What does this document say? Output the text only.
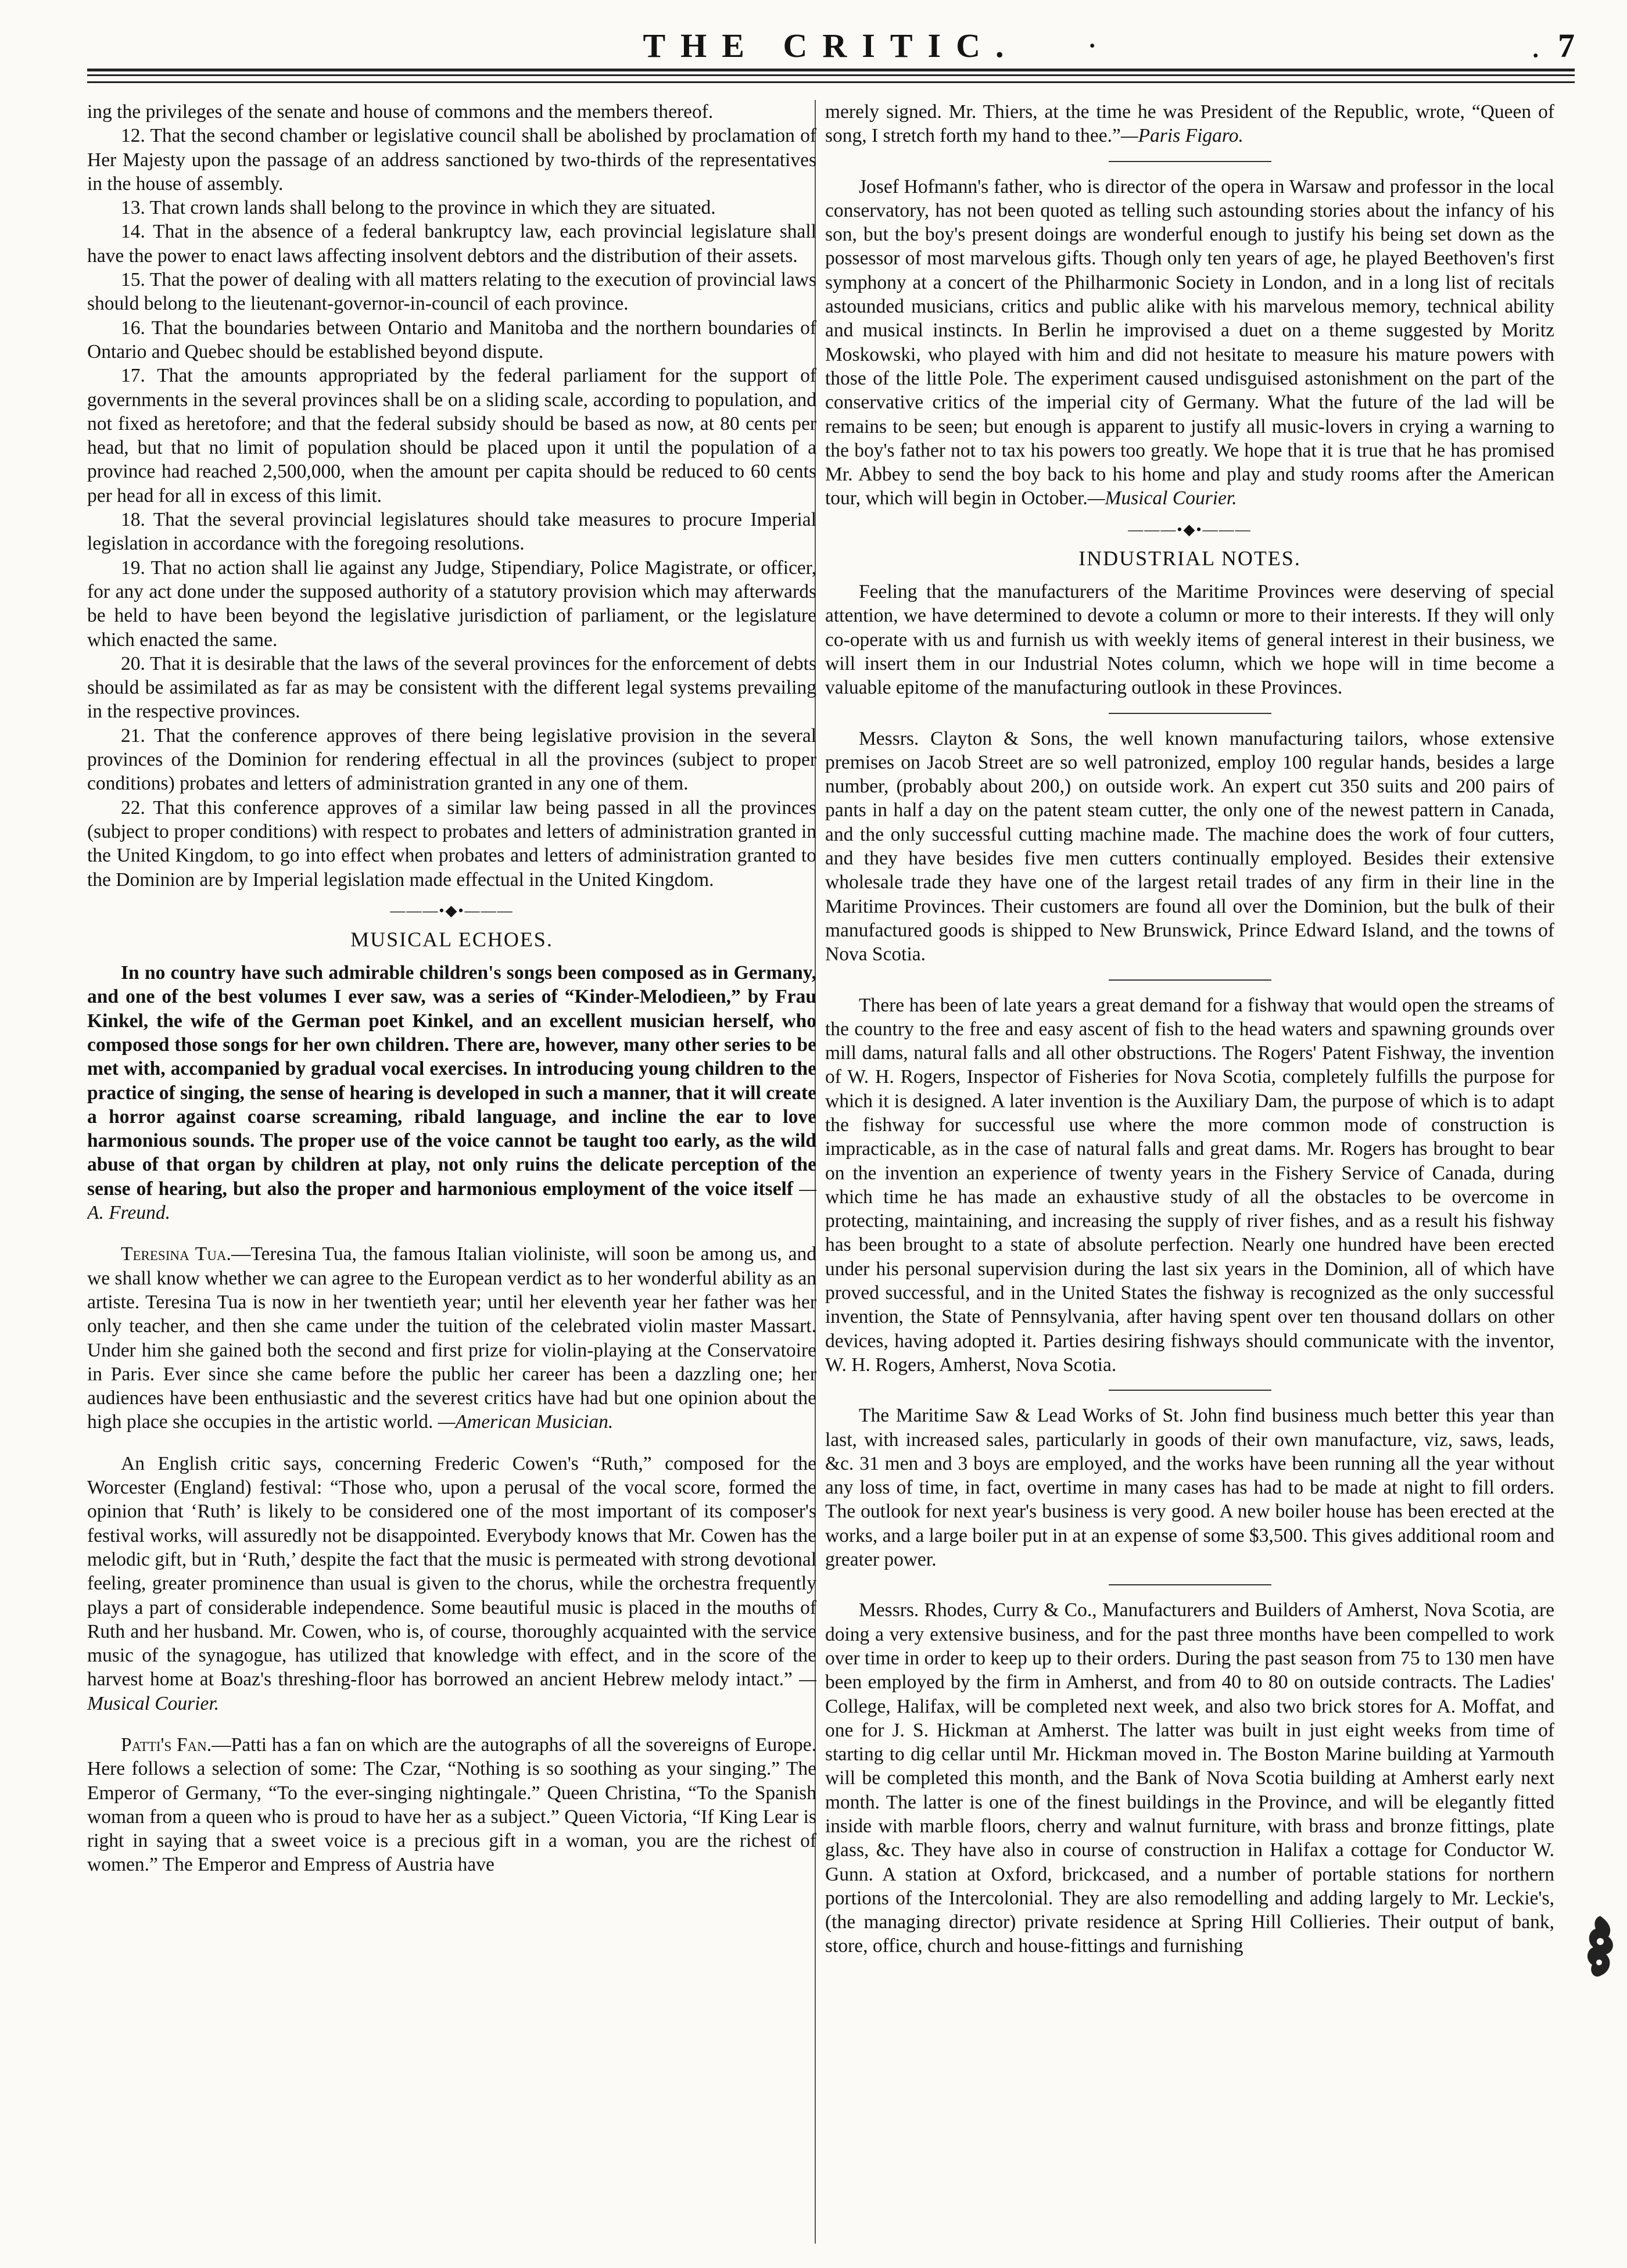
THE CRITIC.	·	. 7

ing the privileges of the senate and house of commons and the members thereof.

12. That the second chamber or legislative council shall be abolished by proclamation of Her Majesty upon the passage of an address sanctioned by two-thirds of the representatives in the house of assembly.

13. That crown lands shall belong to the province in which they are situated.

14. That in the absence of a federal bankruptcy law, each provincial legislature shall have the power to enact laws affecting insolvent debtors and the distribution of their assets.

15. That the power of dealing with all matters relating to the execution of provincial laws should belong to the lieutenant-governor-in-council of each province.

16. That the boundaries between Ontario and Manitoba and the northern boundaries of Ontario and Quebec should be established beyond dispute.

17. That the amounts appropriated by the federal parliament for the support of governments in the several provinces shall be on a sliding scale, according to population, and not fixed as heretofore; and that the federal subsidy should be based as now, at 80 cents per head, but that no limit of population should be placed upon it until the population of a province had reached 2,500,000, when the amount per capita should be reduced to 60 cents per head for all in excess of this limit.

18. That the several provincial legislatures should take measures to procure Imperial legislation in accordance with the foregoing resolutions.

19. That no action shall lie against any Judge, Stipendiary, Police Magistrate, or officer, for any act done under the supposed authority of a statutory provision which may afterwards be held to have been beyond the legislative jurisdiction of parliament, or the legislature which enacted the same.

20. That it is desirable that the laws of the several provinces for the enforcement of debts should be assimilated as far as may be consistent with the different legal systems prevailing in the respective provinces.

21. That the conference approves of there being legislative provision in the several provinces of the Dominion for rendering effectual in all the provinces (subject to proper conditions) probates and letters of administration granted in any one of them.

22. That this conference approves of a similar law being passed in all the provinces (subject to proper conditions) with respect to probates and letters of administration granted in the United Kingdom, to go into effect when probates and letters of administration granted to the Dominion are by Imperial legislation made effectual in the United Kingdom.

———•◆•———
MUSICAL ECHOES.

In no country have such admirable children's songs been composed as in Germany, and one of the best volumes I ever saw, was a series of “Kinder-Melodieen,” by Frau Kinkel, the wife of the German poet Kinkel, and an excellent musician herself, who composed those songs for her own children. There are, however, many other series to be met with, accompanied by gradual vocal exercises. In introducing young children to the practice of singing, the sense of hearing is developed in such a manner, that it will create a horror against coarse screaming, ribald language, and incline the ear to love harmonious sounds. The proper use of the voice cannot be taught too early, as the wild abuse of that organ by children at play, not only ruins the delicate perception of the sense of hearing, but also the proper and harmonious employment of the voice itself —A. Freund.

Teresina Tua.—Teresina Tua, the famous Italian violiniste, will soon be among us, and we shall know whether we can agree to the European verdict as to her wonderful ability as an artiste. Teresina Tua is now in her twentieth year; until her eleventh year her father was her only teacher, and then she came under the tuition of the celebrated violin master Massart. Under him she gained both the second and first prize for violin-playing at the Conservatoire in Paris. Ever since she came before the public her career has been a dazzling one; her audiences have been enthusiastic and the severest critics have had but one opinion about the high place she occupies in the artistic world. —American Musician.

An English critic says, concerning Frederic Cowen's “Ruth,” composed for the Worcester (England) festival: “Those who, upon a perusal of the vocal score, formed the opinion that ‘Ruth’ is likely to be considered one of the most important of its composer's festival works, will assuredly not be disappointed. Everybody knows that Mr. Cowen has the melodic gift, but in ‘Ruth,’ despite the fact that the music is permeated with strong devotional feeling, greater prominence than usual is given to the chorus, while the orchestra frequently plays a part of considerable independence. Some beautiful music is placed in the mouths of Ruth and her husband. Mr. Cowen, who is, of course, thoroughly acquainted with the service music of the synagogue, has utilized that knowledge with effect, and in the score of the harvest home at Boaz's threshing-floor has borrowed an ancient Hebrew melody intact.” —Musical Courier.

Patti's Fan.—Patti has a fan on which are the autographs of all the sovereigns of Europe. Here follows a selection of some: The Czar, “Nothing is so soothing as your singing.” The Emperor of Germany, “To the ever-singing nightingale.” Queen Christina, “To the Spanish woman from a queen who is proud to have her as a subject.” Queen Victoria, “If King Lear is right in saying that a sweet voice is a precious gift in a woman, you are the richest of women.” The Emperor and Empress of Austria have

merely signed. Mr. Thiers, at the time he was President of the Republic, wrote, “Queen of song, I stretch forth my hand to thee.”—Paris Figaro.

Josef Hofmann's father, who is director of the opera in Warsaw and professor in the local conservatory, has not been quoted as telling such astounding stories about the infancy of his son, but the boy's present doings are wonderful enough to justify his being set down as the possessor of most marvelous gifts. Though only ten years of age, he played Beethoven's first symphony at a concert of the Philharmonic Society in London, and in a long list of recitals astounded musicians, critics and public alike with his marvelous memory, technical ability and musical instincts. In Berlin he improvised a duet on a theme suggested by Moritz Moskowski, who played with him and did not hesitate to measure his mature powers with those of the little Pole. The experiment caused undisguised astonishment on the part of the conservative critics of the imperial city of Germany. What the future of the lad will be remains to be seen; but enough is apparent to justify all music-lovers in crying a warning to the boy's father not to tax his powers too greatly. We hope that it is true that he has promised Mr. Abbey to send the boy back to his home and play and study rooms after the American tour, which will begin in October.—Musical Courier.

———•◆•———
INDUSTRIAL NOTES.

Feeling that the manufacturers of the Maritime Provinces were deserving of special attention, we have determined to devote a column or more to their interests. If they will only co-operate with us and furnish us with weekly items of general interest in their business, we will insert them in our Industrial Notes column, which we hope will in time become a valuable epitome of the manufacturing outlook in these Provinces.

Messrs. Clayton & Sons, the well known manufacturing tailors, whose extensive premises on Jacob Street are so well patronized, employ 100 regular hands, besides a large number, (probably about 200,) on outside work. An expert cut 350 suits and 200 pairs of pants in half a day on the patent steam cutter, the only one of the newest pattern in Canada, and the only successful cutting machine made. The machine does the work of four cutters, and they have besides five men cutters continually employed. Besides their extensive wholesale trade they have one of the largest retail trades of any firm in their line in the Maritime Provinces. Their customers are found all over the Dominion, but the bulk of their manufactured goods is shipped to New Brunswick, Prince Edward Island, and the towns of Nova Scotia.

There has been of late years a great demand for a fishway that would open the streams of the country to the free and easy ascent of fish to the head waters and spawning grounds over mill dams, natural falls and all other obstructions. The Rogers' Patent Fishway, the invention of W. H. Rogers, Inspector of Fisheries for Nova Scotia, completely fulfills the purpose for which it is designed. A later invention is the Auxiliary Dam, the purpose of which is to adapt the fishway for successful use where the more common mode of construction is impracticable, as in the case of natural falls and great dams. Mr. Rogers has brought to bear on the invention an experience of twenty years in the Fishery Service of Canada, during which time he has made an exhaustive study of all the obstacles to be overcome in protecting, maintaining, and increasing the supply of river fishes, and as a result his fishway has been brought to a state of absolute perfection. Nearly one hundred have been erected under his personal supervision during the last six years in the Dominion, all of which have proved successful, and in the United States the fishway is recognized as the only successful invention, the State of Pennsylvania, after having spent over ten thousand dollars on other devices, having adopted it. Parties desiring fishways should communicate with the inventor, W. H. Rogers, Amherst, Nova Scotia.

The Maritime Saw & Lead Works of St. John find business much better this year than last, with increased sales, particularly in goods of their own manufacture, viz, saws, leads, &c. 31 men and 3 boys are employed, and the works have been running all the year without any loss of time, in fact, overtime in many cases has had to be made at night to fill orders. The outlook for next year's business is very good. A new boiler house has been erected at the works, and a large boiler put in at an expense of some $3,500. This gives additional room and greater power.

Messrs. Rhodes, Curry & Co., Manufacturers and Builders of Amherst, Nova Scotia, are doing a very extensive business, and for the past three months have been compelled to work over time in order to keep up to their orders. During the past season from 75 to 130 men have been employed by the firm in Amherst, and from 40 to 80 on outside contracts. The Ladies' College, Halifax, will be completed next week, and also two brick stores for A. Moffat, and one for J. S. Hickman at Amherst. The latter was built in just eight weeks from time of starting to dig cellar until Mr. Hickman moved in. The Boston Marine building at Yarmouth will be completed this month, and the Bank of Nova Scotia building at Amherst early next month. The latter is one of the finest buildings in the Province, and will be elegantly fitted inside with marble floors, cherry and walnut furniture, with brass and bronze fittings, plate glass, &c. They have also in course of construction in Halifax a cottage for Conductor W. Gunn. A station at Oxford, brickcased, and a number of portable stations for northern portions of the Intercolonial. They are also remodelling and adding largely to Mr. Leckie's, (the managing director) private residence at Spring Hill Collieries. Their output of bank, store, office, church and house-fittings and furnishing
